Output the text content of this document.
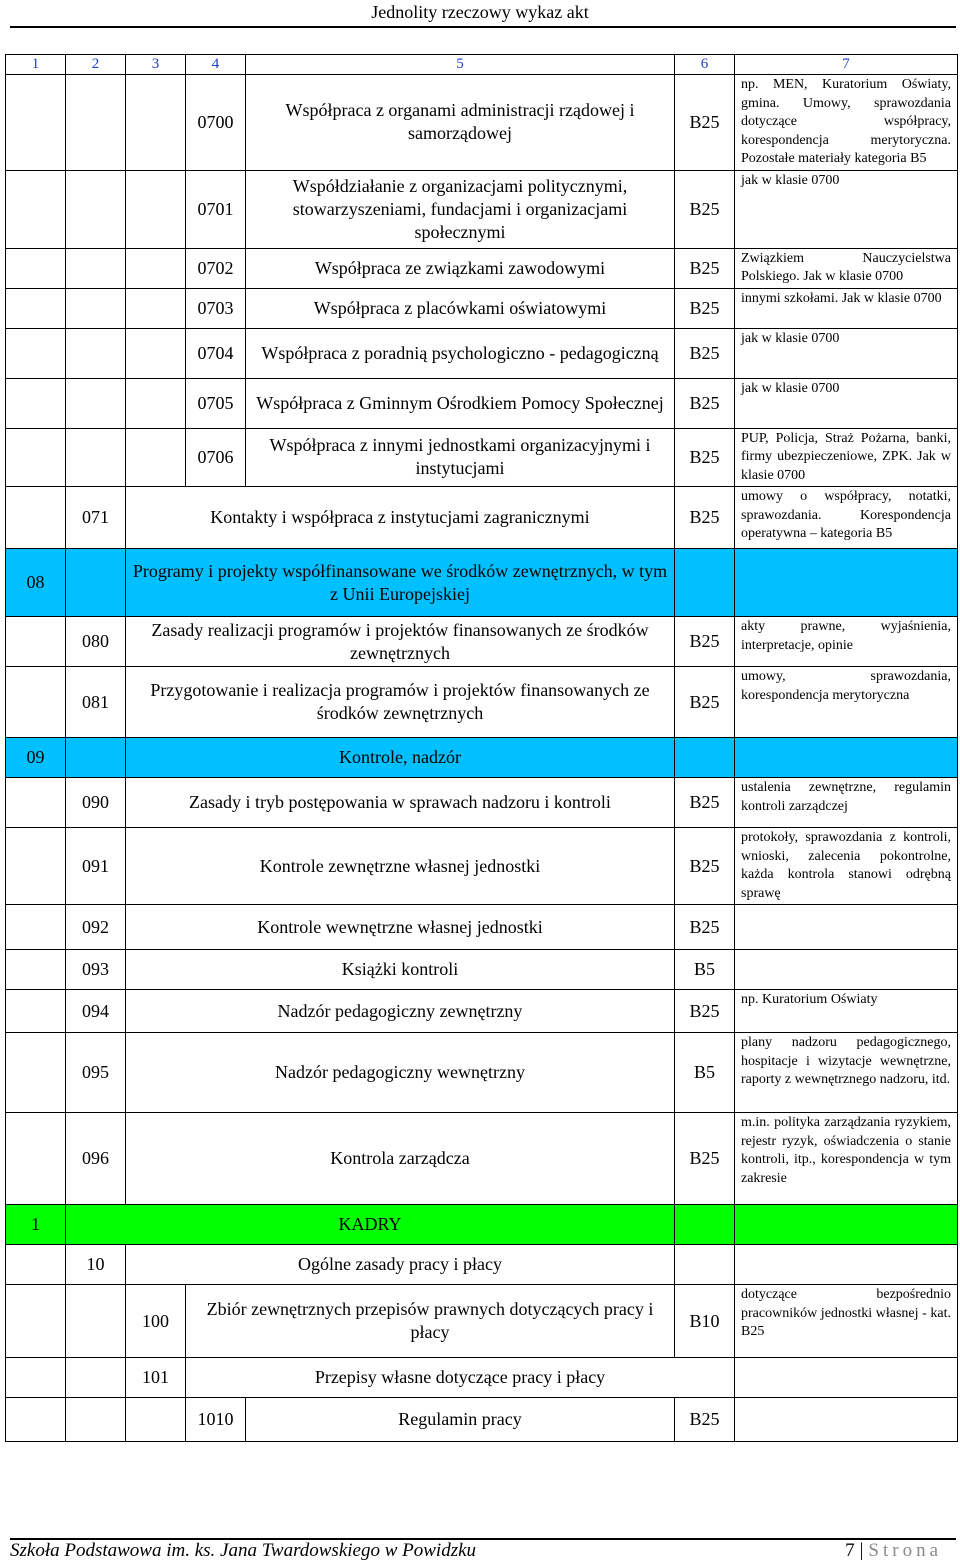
Jednolity rzeczowy wykaz akt
1	2	3	4	5	6	7
			0700	Współpraca z organami administracji rządowej i samorządowej	B25	np. MEN, Kuratorium Oświaty, gmina. Umowy, sprawozdania dotyczące współpracy, korespondencja merytoryczna. Pozostałe materiały kategoria B5
			0701	Współdziałanie z organizacjami politycznymi, stowarzyszeniami, fundacjami i organizacjami społecznymi	B25	jak w klasie 0700
			0702	Współpraca ze związkami zawodowymi	B25	Związkiem Nauczycielstwa Polskiego. Jak w klasie 0700
			0703	Współpraca z placówkami oświatowymi	B25	innymi szkołami. Jak w klasie 0700
			0704	Współpraca z poradnią psychologiczno - pedagogiczną	B25	jak w klasie 0700
			0705	Współpraca z Gminnym Ośrodkiem Pomocy Społecznej	B25	jak w klasie 0700
			0706	Współpraca z innymi jednostkami organizacyjnymi i instytucjami	B25	PUP, Policja, Straż Pożarna, banki, firmy ubezpieczeniowe, ZPK. Jak w klasie 0700
	071	Kontakty i współpraca z instytucjami zagranicznymi			B25	umowy o współpracy, notatki, sprawozdania. Korespondencja operatywna – kategoria B5
08		Programy i projekty współfinansowane we środków zewnętrznych, w tym z Unii Europejskiej				
	080	Zasady realizacji programów i projektów finansowanych ze środków zewnętrznych			B25	akty prawne, wyjaśnienia, interpretacje, opinie
	081	Przygotowanie i realizacja programów i projektów finansowanych ze środków zewnętrznych			B25	umowy, sprawozdania, korespondencja merytoryczna
09		Kontrole, nadzór				
	090	Zasady i tryb postępowania w sprawach nadzoru i kontroli			B25	ustalenia zewnętrzne, regulamin kontroli zarządczej
	091	Kontrole zewnętrzne własnej jednostki			B25	protokoły, sprawozdania z kontroli, wnioski, zalecenia pokontrolne, każda kontrola stanowi odrębną sprawę
	092	Kontrole wewnętrzne własnej jednostki			B25	
	093	Książki kontroli			B5	
	094	Nadzór pedagogiczny zewnętrzny			B25	np. Kuratorium Oświaty
	095	Nadzór pedagogiczny wewnętrzny			B5	plany nadzoru pedagogicznego, hospitacje i wizytacje wewnętrzne, raporty z wewnętrznego nadzoru, itd.
	096	Kontrola zarządcza			B25	m.in. polityka zarządzania ryzykiem, rejestr ryzyk, oświadczenia o stanie kontroli, itp., korespondencja w tym zakresie
1	KADRY					
	10	Ogólne zasady pracy i płacy				
		100	Zbiór zewnętrznych przepisów prawnych dotyczących pracy i płacy		B10	dotyczące bezpośrednio pracowników jednostki własnej - kat. B25
		101	Przepisy własne dotyczące pracy i płacy			
			1010	Regulamin pracy	B25	
Szkoła Podstawowa im. ks. Jana Twardowskiego w Powidzku	7 | Strona
